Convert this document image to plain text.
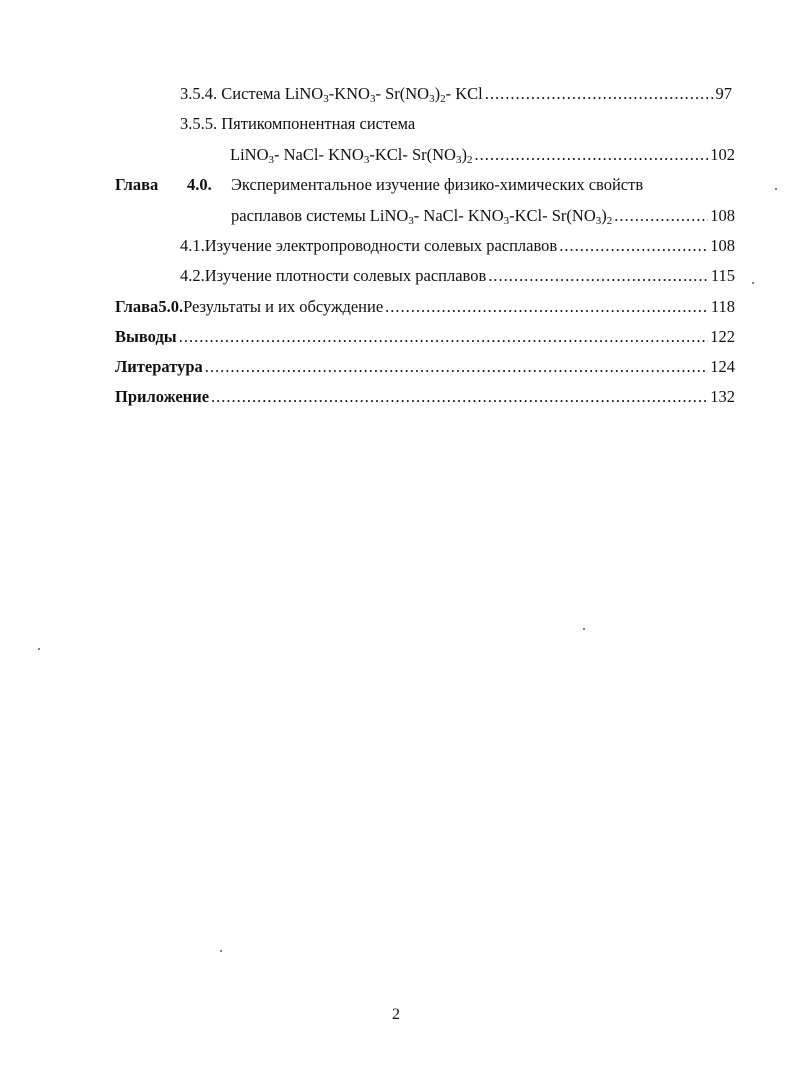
3.5.4.
Система $LiNO_3-KNO_3-$ $Sr(NO_3)_2-$ KCl .....	97
3.5.5. Пятикомпонентная система
LiNO$_3$- NaCl- $KNO_3-KCl-$ $Sr(NO_3)_2$ .....	102
Глава 4.0. Экспериментальное изучение физико-химических свойств
расплавов системы LiNO$_3$- NaCl- $KNO_3-KCl-$ $Sr(NO_3)_2$ .....	108
4.1. Изучение электропроводности солевых расплавов .....	108
4.2. Изучение плотности солевых расплавов .....	115
Глава 5.0. Результаты и их обсуждение .....	118
Выводы .....	122
Литература .....	124
Приложение .....	132
2
